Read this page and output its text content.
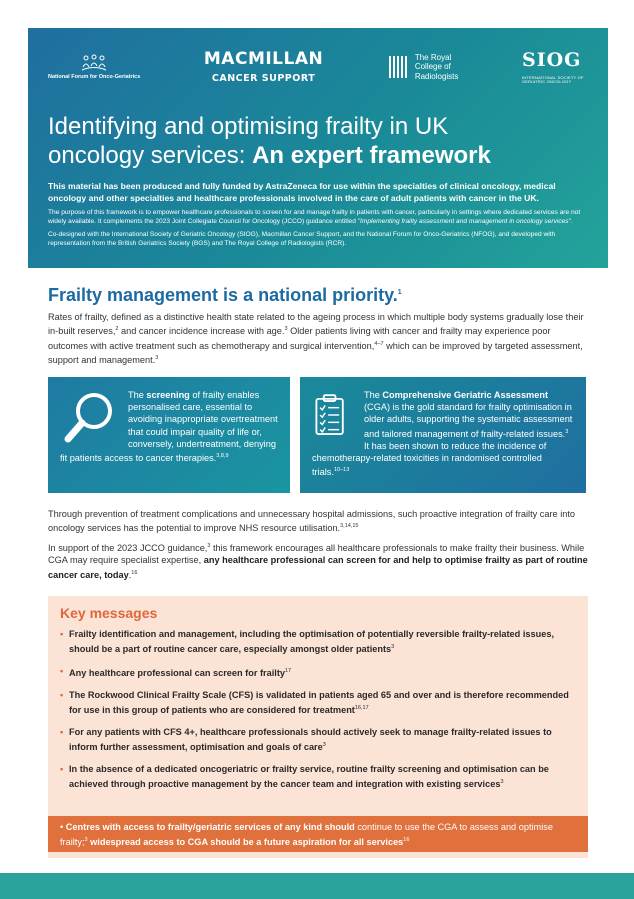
National Forum for Onco-Geriatrics
MACMILLAN
CANCER SUPPORT
The Royal
College of
Radiologists
SIOG
INTERNATIONAL SOCIETY OF GERIATRIC ONCOLOGY
Identifying and optimising frailty in UK
oncology services: An expert framework

This material has been produced and fully funded by AstraZeneca for use within the specialties of clinical oncology, medical oncology and other specialties and healthcare professionals involved in the care of adult patients with cancer in the UK.

The purpose of this framework is to empower healthcare professionals to screen for and manage frailty in patients with cancer, particularly in settings where dedicated services are not widely available. It complements the 2023 Joint Collegiate Council for Oncology (JCCO) guidance entitled "Implementing frailty assessment and management in oncology services".

Co-designed with the International Society of Geriatric Oncology (SIOG), Macmillan Cancer Support, and the National Forum for Onco-Geriatrics (NFOG), and developed with representation from the British Geriatrics Society (BGS) and The Royal College of Radiologists (RCR).

Frailty management is a national priority.$^1$

Rates of frailty, defined as a distinctive health state related to the ageing process in which multiple body systems gradually lose their in-built reserves,$^2$ and cancer incidence increase with age.$^3$ Older patients living with cancer and frailty may experience poor outcomes with active treatment such as chemotherapy and surgical intervention,$^{4-7}$ which can be improved by targeted assessment, support and management.$^3$

The screening of frailty enables personalised care, essential to avoiding inappropriate overtreatment that could impair quality of life or, conversely, undertreatment, denying fit patients access to cancer therapies.$^{3,8,9}$
The Comprehensive Geriatric Assessment (CGA) is the gold standard for frailty optimisation in older adults, supporting the systematic assessment and tailored management of frailty-related issues.$^3$ It has been shown to reduce the incidence of chemotherapy-related toxicities in randomised controlled trials.$^{10-13}$

Through prevention of treatment complications and unnecessary hospital admissions, such proactive integration of frailty care into oncology services has the potential to improve NHS resource utilisation.$^{3,14,15}$

In support of the 2023 JCCO guidance,$^3$ this framework encourages all healthcare professionals to make frailty their business. While CGA may require specialist expertise, any healthcare professional can screen for and help to optimise frailty as part of routine cancer care, today.$^{16}$

Key messages
• Frailty identification and management, including the optimisation of potentially reversible frailty-related issues, should be a part of routine cancer care, especially amongst older patients$^3$
• Any healthcare professional can screen for frailty$^{17}$
• The Rockwood Clinical Frailty Scale (CFS) is validated in patients aged 65 and over and is therefore recommended for use in this group of patients who are considered for treatment$^{16,17}$
• For any patients with CFS 4+, healthcare professionals should actively seek to manage frailty-related issues to inform further assessment, optimisation and goals of care$^3$
• In the absence of a dedicated oncogeriatric or frailty service, routine frailty screening and optimisation can be achieved through proactive management by the cancer team and integration with existing services$^3$
• Centres with access to frailty/geriatric services of any kind should continue to use the CGA to assess and optimise frailty;$^3$ widespread access to CGA should be a future aspiration for all services$^{16}$
